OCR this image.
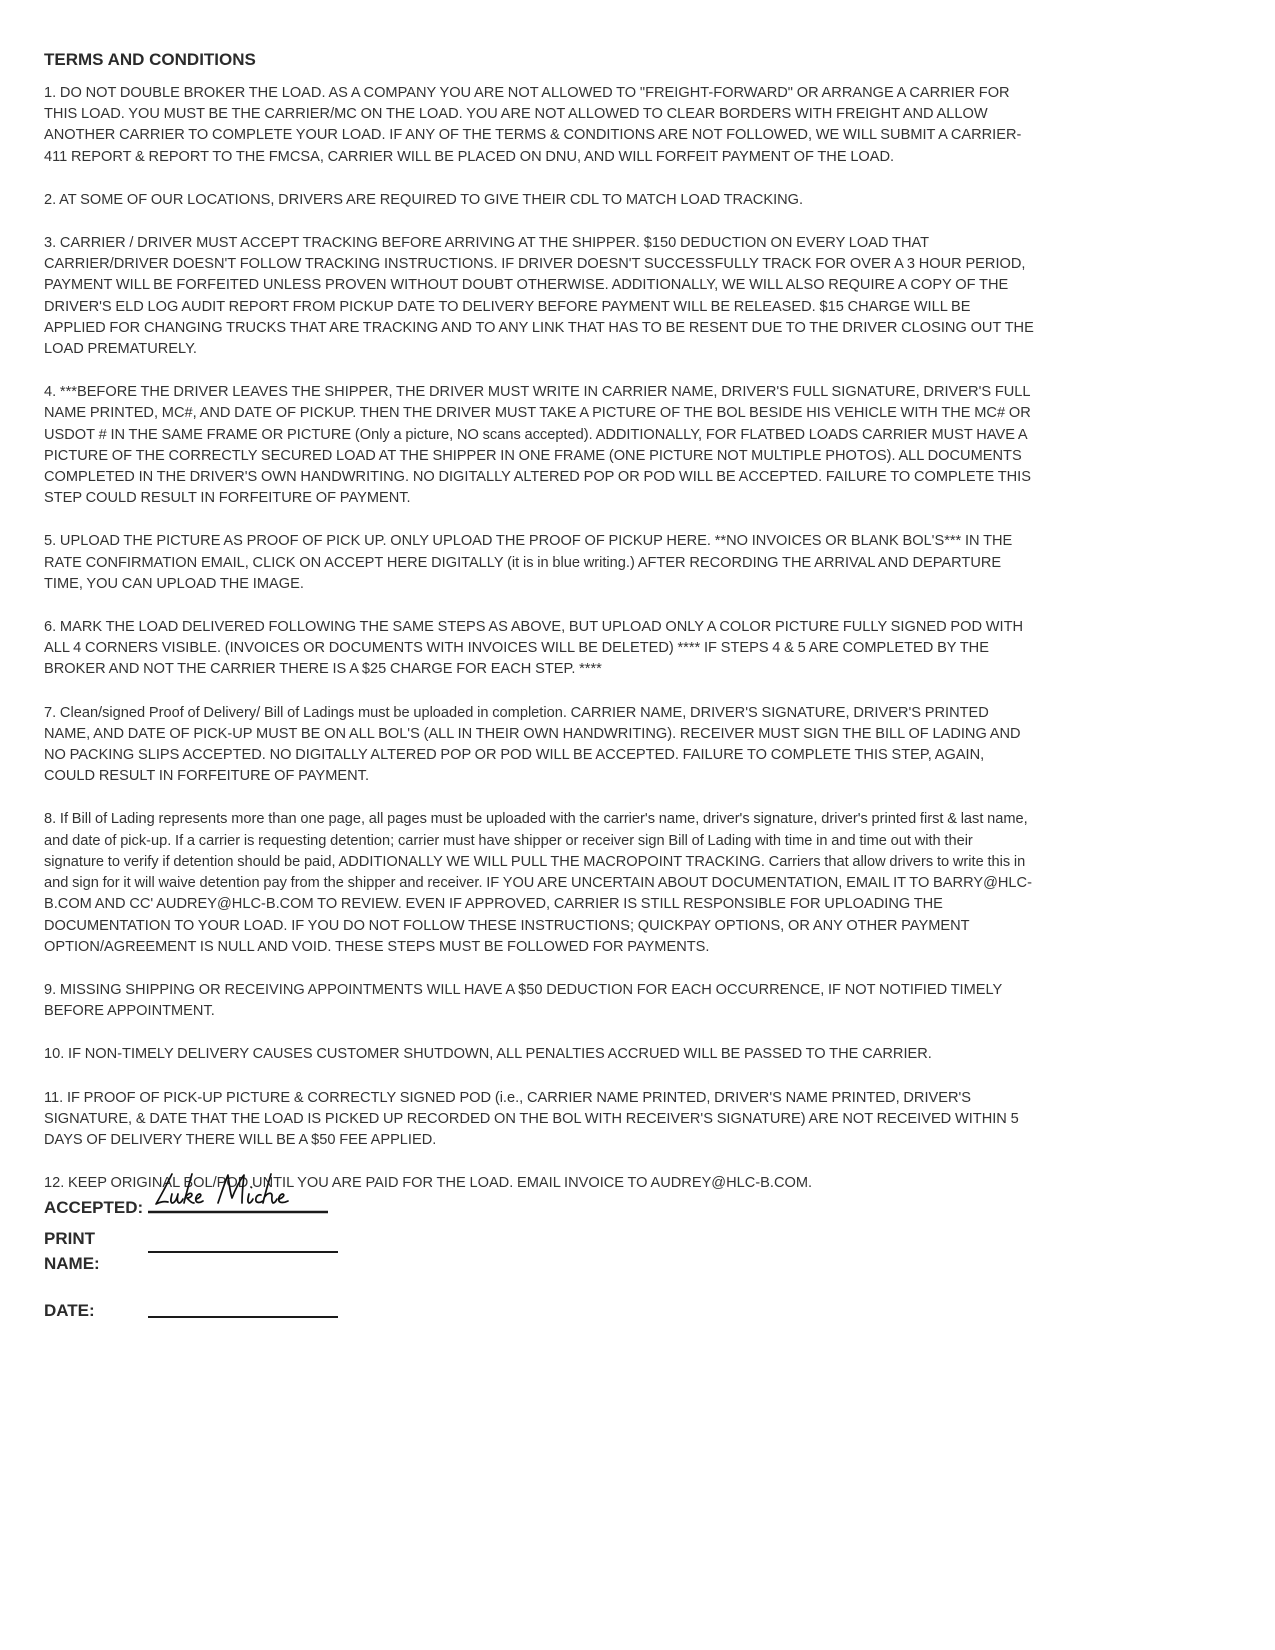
TERMS AND CONDITIONS

1. DO NOT DOUBLE BROKER THE LOAD. AS A COMPANY YOU ARE NOT ALLOWED TO "FREIGHT-FORWARD" OR ARRANGE A CARRIER FOR THIS LOAD. YOU MUST BE THE CARRIER/MC ON THE LOAD. YOU ARE NOT ALLOWED TO CLEAR BORDERS WITH FREIGHT AND ALLOW ANOTHER CARRIER TO COMPLETE YOUR LOAD. IF ANY OF THE TERMS & CONDITIONS ARE NOT FOLLOWED, WE WILL SUBMIT A CARRIER-411 REPORT & REPORT TO THE FMCSA, CARRIER WILL BE PLACED ON DNU, AND WILL FORFEIT PAYMENT OF THE LOAD.

2. AT SOME OF OUR LOCATIONS, DRIVERS ARE REQUIRED TO GIVE THEIR CDL TO MATCH LOAD TRACKING.

3. CARRIER / DRIVER MUST ACCEPT TRACKING BEFORE ARRIVING AT THE SHIPPER. $150 DEDUCTION ON EVERY LOAD THAT CARRIER/DRIVER DOESN'T FOLLOW TRACKING INSTRUCTIONS. IF DRIVER DOESN'T SUCCESSFULLY TRACK FOR OVER A 3 HOUR PERIOD, PAYMENT WILL BE FORFEITED UNLESS PROVEN WITHOUT DOUBT OTHERWISE. ADDITIONALLY, WE WILL ALSO REQUIRE A COPY OF THE DRIVER'S ELD LOG AUDIT REPORT FROM PICKUP DATE TO DELIVERY BEFORE PAYMENT WILL BE RELEASED. $15 CHARGE WILL BE APPLIED FOR CHANGING TRUCKS THAT ARE TRACKING AND TO ANY LINK THAT HAS TO BE RESENT DUE TO THE DRIVER CLOSING OUT THE LOAD PREMATURELY.

4. ***BEFORE THE DRIVER LEAVES THE SHIPPER, THE DRIVER MUST WRITE IN CARRIER NAME, DRIVER'S FULL SIGNATURE, DRIVER'S FULL NAME PRINTED, MC#, AND DATE OF PICKUP. THEN THE DRIVER MUST TAKE A PICTURE OF THE BOL BESIDE HIS VEHICLE WITH THE MC# OR USDOT # IN THE SAME FRAME OR PICTURE (Only a picture, NO scans accepted). ADDITIONALLY, FOR FLATBED LOADS CARRIER MUST HAVE A PICTURE OF THE CORRECTLY SECURED LOAD AT THE SHIPPER IN ONE FRAME (ONE PICTURE NOT MULTIPLE PHOTOS). ALL DOCUMENTS COMPLETED IN THE DRIVER'S OWN HANDWRITING. NO DIGITALLY ALTERED POP OR POD WILL BE ACCEPTED. FAILURE TO COMPLETE THIS STEP COULD RESULT IN FORFEITURE OF PAYMENT.

5. UPLOAD THE PICTURE AS PROOF OF PICK UP. ONLY UPLOAD THE PROOF OF PICKUP HERE. **NO INVOICES OR BLANK BOL'S*** IN THE RATE CONFIRMATION EMAIL, CLICK ON ACCEPT HERE DIGITALLY (it is in blue writing.) AFTER RECORDING THE ARRIVAL AND DEPARTURE TIME, YOU CAN UPLOAD THE IMAGE.

6. MARK THE LOAD DELIVERED FOLLOWING THE SAME STEPS AS ABOVE, BUT UPLOAD ONLY A COLOR PICTURE FULLY SIGNED POD WITH ALL 4 CORNERS VISIBLE. (INVOICES OR DOCUMENTS WITH INVOICES WILL BE DELETED) **** IF STEPS 4 & 5 ARE COMPLETED BY THE BROKER AND NOT THE CARRIER THERE IS A $25 CHARGE FOR EACH STEP. ****

7. Clean/signed Proof of Delivery/ Bill of Ladings must be uploaded in completion. CARRIER NAME, DRIVER'S SIGNATURE, DRIVER'S PRINTED NAME, AND DATE OF PICK-UP MUST BE ON ALL BOL'S (ALL IN THEIR OWN HANDWRITING). RECEIVER MUST SIGN THE BILL OF LADING AND NO PACKING SLIPS ACCEPTED. NO DIGITALLY ALTERED POP OR POD WILL BE ACCEPTED. FAILURE TO COMPLETE THIS STEP, AGAIN, COULD RESULT IN FORFEITURE OF PAYMENT.

8. If Bill of Lading represents more than one page, all pages must be uploaded with the carrier's name, driver's signature, driver's printed first & last name, and date of pick-up. If a carrier is requesting detention; carrier must have shipper or receiver sign Bill of Lading with time in and time out with their signature to verify if detention should be paid, ADDITIONALLY WE WILL PULL THE MACROPOINT TRACKING. Carriers that allow drivers to write this in and sign for it will waive detention pay from the shipper and receiver. IF YOU ARE UNCERTAIN ABOUT DOCUMENTATION, EMAIL IT TO BARRY@HLC-B.COM AND CC' AUDREY@HLC-B.COM TO REVIEW. EVEN IF APPROVED, CARRIER IS STILL RESPONSIBLE FOR UPLOADING THE DOCUMENTATION TO YOUR LOAD. IF YOU DO NOT FOLLOW THESE INSTRUCTIONS; QUICKPAY OPTIONS, OR ANY OTHER PAYMENT OPTION/AGREEMENT IS NULL AND VOID. THESE STEPS MUST BE FOLLOWED FOR PAYMENTS.

9. MISSING SHIPPING OR RECEIVING APPOINTMENTS WILL HAVE A $50 DEDUCTION FOR EACH OCCURRENCE, IF NOT NOTIFIED TIMELY BEFORE APPOINTMENT.

10. IF NON-TIMELY DELIVERY CAUSES CUSTOMER SHUTDOWN, ALL PENALTIES ACCRUED WILL BE PASSED TO THE CARRIER.

11. IF PROOF OF PICK-UP PICTURE & CORRECTLY SIGNED POD (i.e., CARRIER NAME PRINTED, DRIVER'S NAME PRINTED, DRIVER'S SIGNATURE, & DATE THAT THE LOAD IS PICKED UP RECORDED ON THE BOL WITH RECEIVER'S SIGNATURE) ARE NOT RECEIVED WITHIN 5 DAYS OF DELIVERY THERE WILL BE A $50 FEE APPLIED.

12. KEEP ORIGINAL BOL/POD UNTIL YOU ARE PAID FOR THE LOAD. EMAIL INVOICE TO AUDREY@HLC-B.COM.

ACCEPTED:
PRINT
NAME:
DATE:
